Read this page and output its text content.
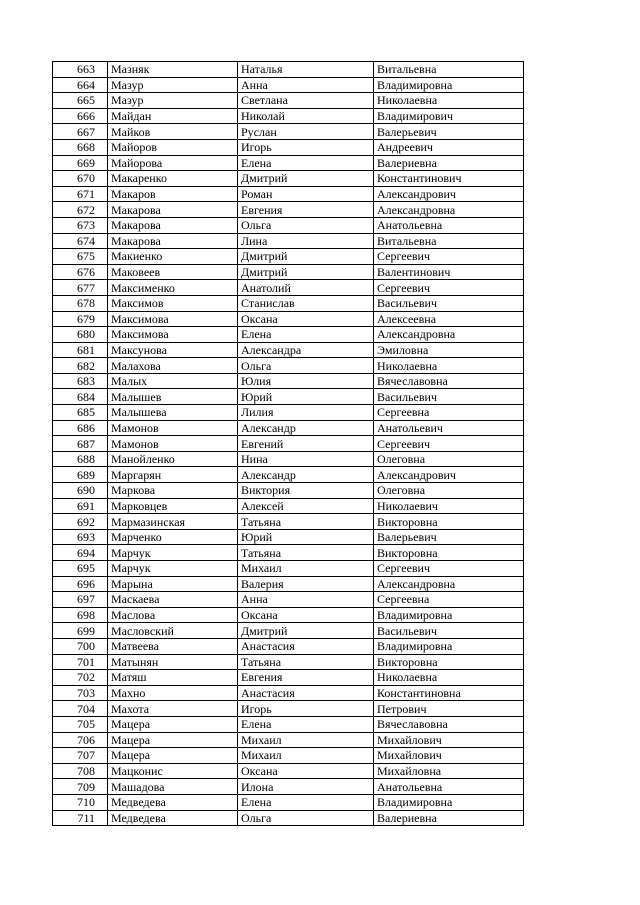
663	Мазняк	Наталья	Витальевна
664	Мазур	Анна	Владимировна
665	Мазур	Светлана	Николаевна
666	Майдан	Николай	Владимирович
667	Майков	Руслан	Валерьевич
668	Майоров	Игорь	Андреевич
669	Майорова	Елена	Валериевна
670	Макаренко	Дмитрий	Константинович
671	Макаров	Роман	Александрович
672	Макарова	Евгения	Александровна
673	Макарова	Ольга	Анатольевна
674	Макарова	Лина	Витальевна
675	Макиенко	Дмитрий	Сергеевич
676	Маковеев	Дмитрий	Валентинович
677	Максименко	Анатолий	Сергеевич
678	Максимов	Станислав	Васильевич
679	Максимова	Оксана	Алексеевна
680	Максимова	Елена	Александровна
681	Максунова	Александра	Эмиловна
682	Малахова	Ольга	Николаевна
683	Малых	Юлия	Вячеславовна
684	Малышев	Юрий	Васильевич
685	Малышева	Лилия	Сергеевна
686	Мамонов	Александр	Анатольевич
687	Мамонов	Евгений	Сергеевич
688	Манойленко	Нина	Олеговна
689	Маргарян	Александр	Александрович
690	Маркова	Виктория	Олеговна
691	Марковцев	Алексей	Николаевич
692	Мармазинская	Татьяна	Викторовна
693	Марченко	Юрий	Валерьевич
694	Марчук	Татьяна	Викторовна
695	Марчук	Михаил	Сергеевич
696	Марына	Валерия	Александровна
697	Маскаева	Анна	Сергеевна
698	Маслова	Оксана	Владимировна
699	Масловский	Дмитрий	Васильевич
700	Матвеева	Анастасия	Владимировна
701	Матынян	Татьяна	Викторовна
702	Матяш	Евгения	Николаевна
703	Махно	Анастасия	Константиновна
704	Махота	Игорь	Петрович
705	Мацера	Елена	Вячеславовна
706	Мацера	Михаил	Михайлович
707	Мацера	Михаил	Михайлович
708	Мацконис	Оксана	Михайловна
709	Машадова	Илона	Анатольевна
710	Медведева	Елена	Владимировна
711	Медведева	Ольга	Валериевна
